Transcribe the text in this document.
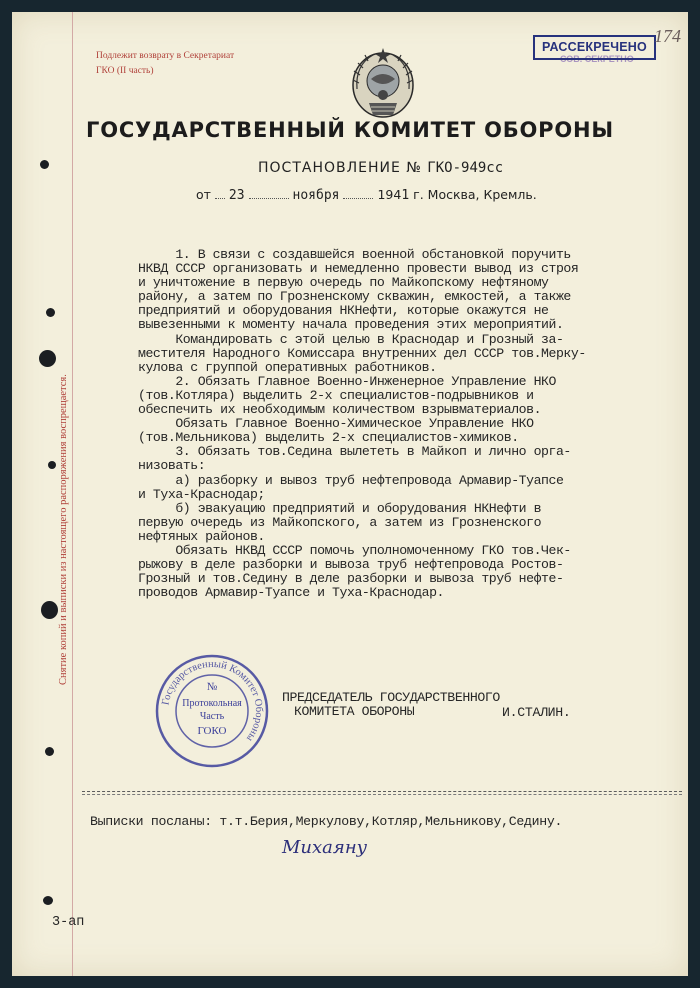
Снятие копий и выписки из настоящего распоряжения воспрещается.
Подлежит возврату в Секретариат
ГКО (II часть)
СОВ. СЕКРЕТНО
РАССЕКРЕЧЕНО
174
ГОСУДАРСТВЕННЫЙ КОМИТЕТ ОБОРОНЫ
ПОСТАНОВЛЕНИЕ № ГКО-949сс
от 23	ноября	1941 г. Москва, Кремль.
1. В связи с создавшейся военной обстановкой поручить
НКВД СССР организовать и немедленно провести вывод из строя
и уничтожение в первую очередь по Майкопскому нефтяному
району, а затем по Грозненскому скважин, емкостей, а также
предприятий и оборудования НКНефти, которые окажутся не
вывезенными к моменту начала проведения этих мероприятий.
Командировать с этой целью в Краснодар и Грозный за-
местителя Народного Комиссара внутренних дел СССР тов.Мерку-
кулова с группой оперативных работников.
2. Обязать Главное Военно-Инженерное Управление НКО
(тов.Котляра) выделить 2-х специалистов-подрывников и
обеспечить их необходимым количеством взрывматериалов.
Обязать Главное Военно-Химическое Управление НКО
(тов.Мельникова) выделить 2-х специалистов-химиков.
3. Обязать тов.Седина вылететь в Майкоп и лично орга-
низовать:
а) разборку и вывоз труб нефтепровода Армавир-Туапсе
и Туха-Краснодар;
б) эвакуацию предприятий и оборудования НКНефти в
первую очередь из Майкопского, а затем из Грозненского
нефтяных районов.
Обязать НКВД СССР помочь уполномоченному ГКО тов.Чек-
рыжову в деле разборки и вывоза труб нефтепровода Ростов-
Грозный и тов.Седину в деле разборки и вывоза труб нефте-
проводов Армавир-Туапсе и Туха-Краснодар.
Государственный Комитет Обороны
№
Протокольная
Часть
ГОКО
ПРЕДСЕДАТЕЛЬ ГОСУДАРСТВЕННОГО
КОМИТЕТА ОБОРОНЫ	И.СТАЛИН.
Выписки посланы: т.т.Берия,Меркулову,Котляр,Мельникову,Седину.
Михаяну
3-ап
